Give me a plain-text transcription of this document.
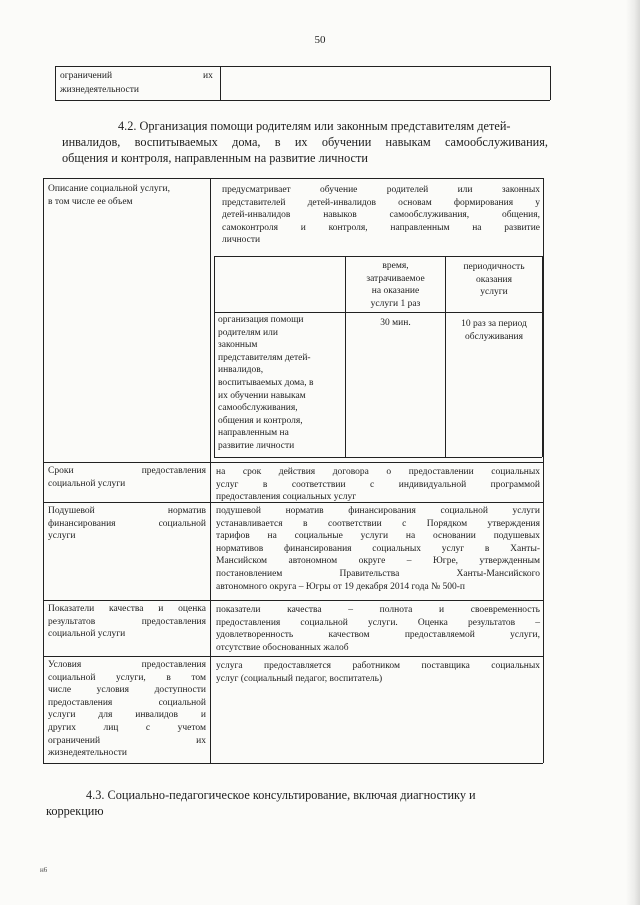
50
ограничений	их
жизнедеятельности
4.2. Организация помощи родителям или законным представителям детей-
инвалидов, воспитываемых дома, в их обучении навыкам самообслуживания,
общения и контроля, направленным на развитие личности
Описание социальной услуги,
в том числе ее объем
предусматривает обучение родителей или законных
представителей детей-инвалидов основам формирования у
детей-инвалидов навыков самообслуживания, общения,
самоконтроля и контроля, направленным на развитие
личности
время,
затрачиваемое
на оказание
услуги 1 раз
периодичность
оказания
услуги
организация помощи
родителям или
законным
представителям детей-
инвалидов,
воспитываемых дома, в
их обучении навыкам
самообслуживания,
общения и контроля,
направленным на
развитие личности
30 мин.	10 раз за период
обслуживания
Сроки предоставления
социальной услуги
на срок действия договора о предоставлении социальных
услуг в соответствии с индивидуальной программой
предоставления социальных услуг
Подушевой норматив
финансирования социальной
услуги
подушевой норматив финансирования социальной услуги
устанавливается в соответствии с Порядком утверждения
тарифов на социальные услуги на основании подушевых
нормативов финансирования социальных услуг в Ханты-
Мансийском автономном округе – Югре, утвержденным
постановлением Правительства Ханты-Мансийского
автономного округа – Югры от 19 декабря 2014 года № 500-п
Показатели качества и оценка
результатов предоставления
социальной услуги
показатели качества – полнота и своевременность
предоставления социальной услуги. Оценка результатов –
удовлетворенность качеством предоставляемой услуги,
отсутствие обоснованных жалоб
Условия предоставления
социальной услуги, в том
числе условия доступности
предоставления социальной
услуги для инвалидов и
других лиц с учетом
ограничений их
жизнедеятельности
услуга предоставляется работником поставщика социальных
услуг (социальный педагог, воспитатель)
4.3. Социально-педагогическое консультирование, включая диагностику и
коррекцию
н6
